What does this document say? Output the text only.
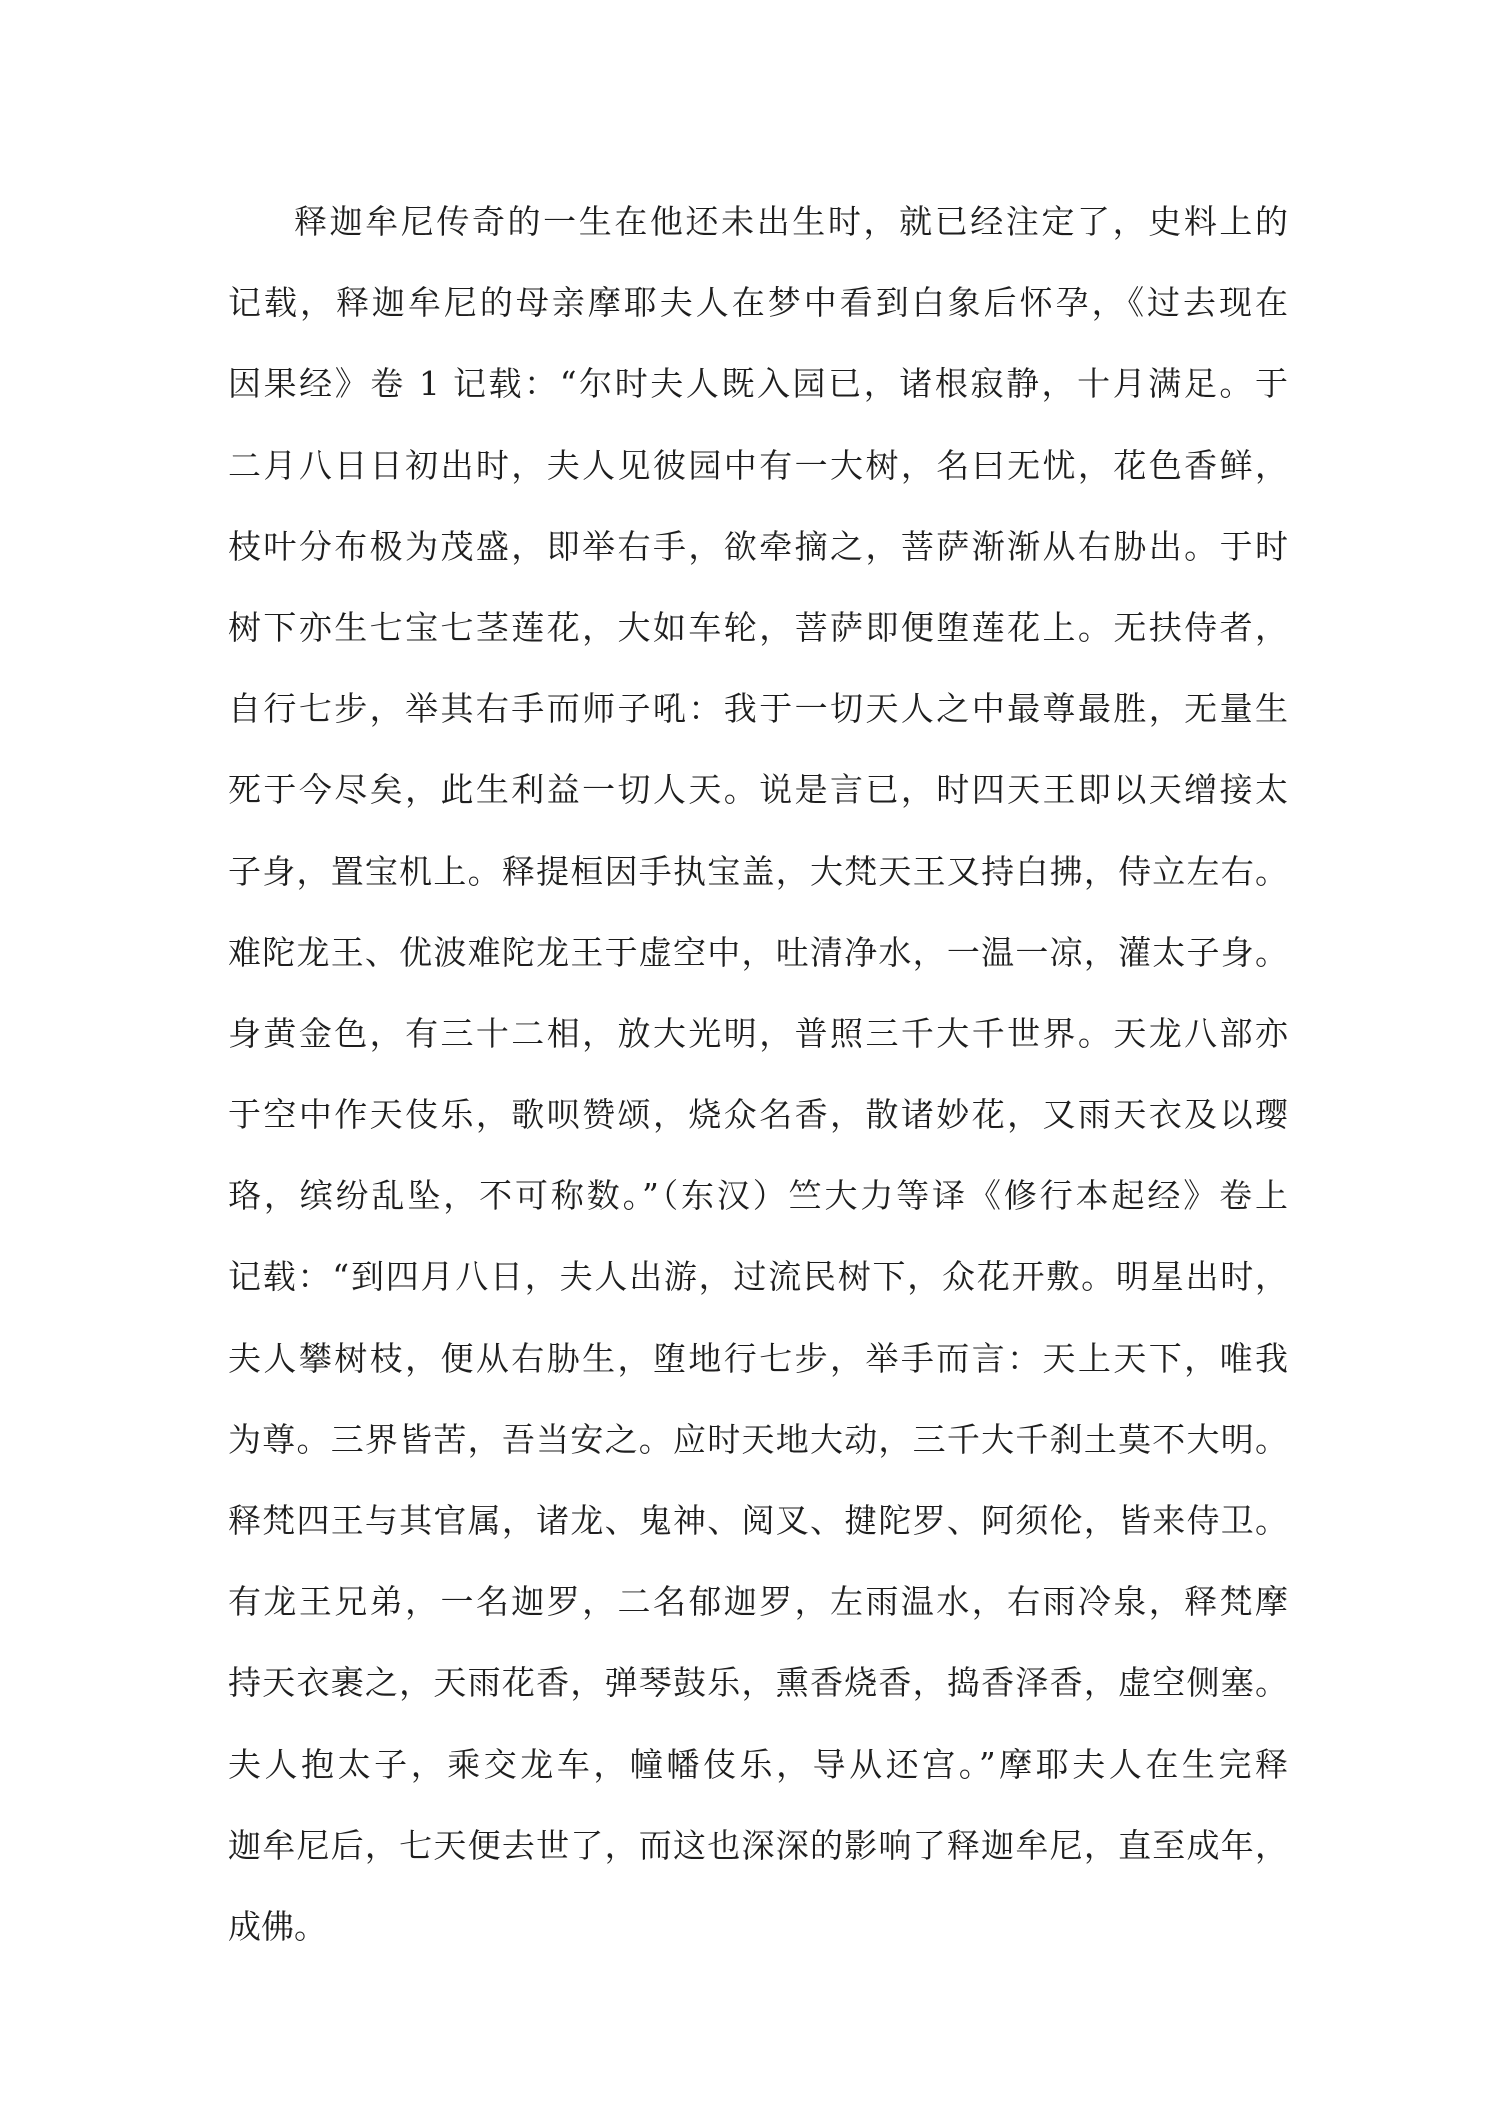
释迦牟尼传奇的一生在他还未出生时，就已经注定了，史料上的
记载，释迦牟尼的母亲摩耶夫人在梦中看到白象后怀孕，《过去现在
因果经》卷 1 记载：“尔时夫人既入园已，诸根寂静，十月满足。于
二月八日日初出时，夫人见彼园中有一大树，名曰无忧，花色香鲜，
枝叶分布极为茂盛，即举右手，欲牵摘之，菩萨渐渐从右胁出。于时
树下亦生七宝七茎莲花，大如车轮，菩萨即便堕莲花上。无扶侍者，
自行七步，举其右手而师子吼：我于一切天人之中最尊最胜，无量生
死于今尽矣，此生利益一切人天。说是言已，时四天王即以天缯接太
子身，置宝机上。释提桓因手执宝盖，大梵天王又持白拂，侍立左右。
难陀龙王、优波难陀龙王于虚空中，吐清净水，一温一凉，灌太子身。
身黄金色，有三十二相，放大光明，普照三千大千世界。天龙八部亦
于空中作天伎乐，歌呗赞颂，烧众名香，散诸妙花，又雨天衣及以璎
珞，缤纷乱坠，不可称数。”（东汉）竺大力等译《修行本起经》卷上
记载：“到四月八日，夫人出游，过流民树下，众花开敷。明星出时，
夫人攀树枝，便从右胁生，堕地行七步，举手而言：天上天下，唯我
为尊。三界皆苦，吾当安之。应时天地大动，三千大千刹土莫不大明。
释梵四王与其官属，诸龙、鬼神、阅叉、揵陀罗、阿须伦，皆来侍卫。
有龙王兄弟，一名迦罗，二名郁迦罗，左雨温水，右雨冷泉，释梵摩
持天衣裹之，天雨花香，弹琴鼓乐，熏香烧香，捣香泽香，虚空侧塞。
夫人抱太子，乘交龙车，幢幡伎乐，导从还宫。”摩耶夫人在生完释
迦牟尼后，七天便去世了，而这也深深的影响了释迦牟尼，直至成年，
成佛。
